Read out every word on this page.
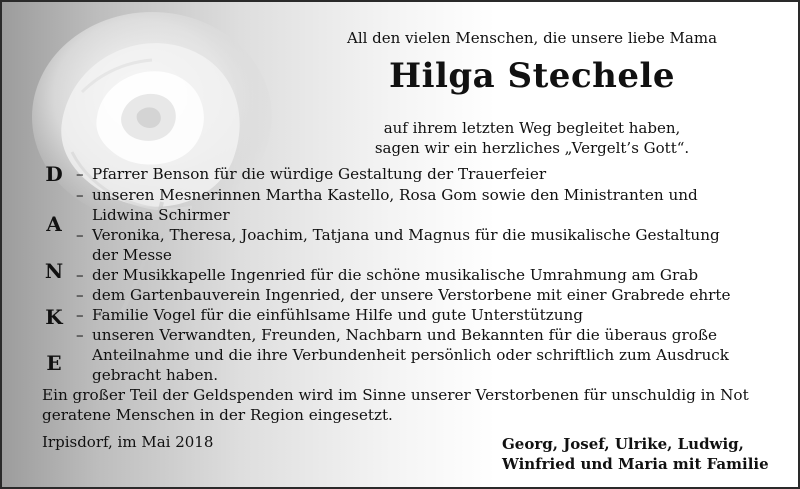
All den vielen Menschen, die unsere liebe Mama
Hilga Stechele
auf ihrem letzten Weg begleitet haben,
sagen wir ein herzliches „Vergelt’s Gott“.
D
A
N
K
E
– Pfarrer Benson für die würdige Gestaltung der Trauerfeier
– unseren Mesnerinnen Martha Kastello, Rosa Gom sowie den Ministranten und
Lidwina Schirmer
– Veronika, Theresa, Joachim, Tatjana und Magnus für die musikalische Gestaltung
der Messe
– der Musikkapelle Ingenried für die schöne musikalische Umrahmung am Grab
– dem Gartenbauverein Ingenried, der unsere Verstorbene mit einer Grabrede ehrte
– Familie Vogel für die einfühlsame Hilfe und gute Unterstützung
– unseren Verwandten, Freunden, Nachbarn und Bekannten für die überaus große
Anteilnahme und die ihre Verbundenheit persönlich oder schriftlich zum Ausdruck
gebracht haben.
Ein großer Teil der Geldspenden wird im Sinne unserer Verstorbenen für unschuldig in Not
geratene Menschen in der Region eingesetzt.
Irpisdorf, im Mai 2018	Georg, Josef, Ulrike, Ludwig,
Winfried und Maria mit Familie
